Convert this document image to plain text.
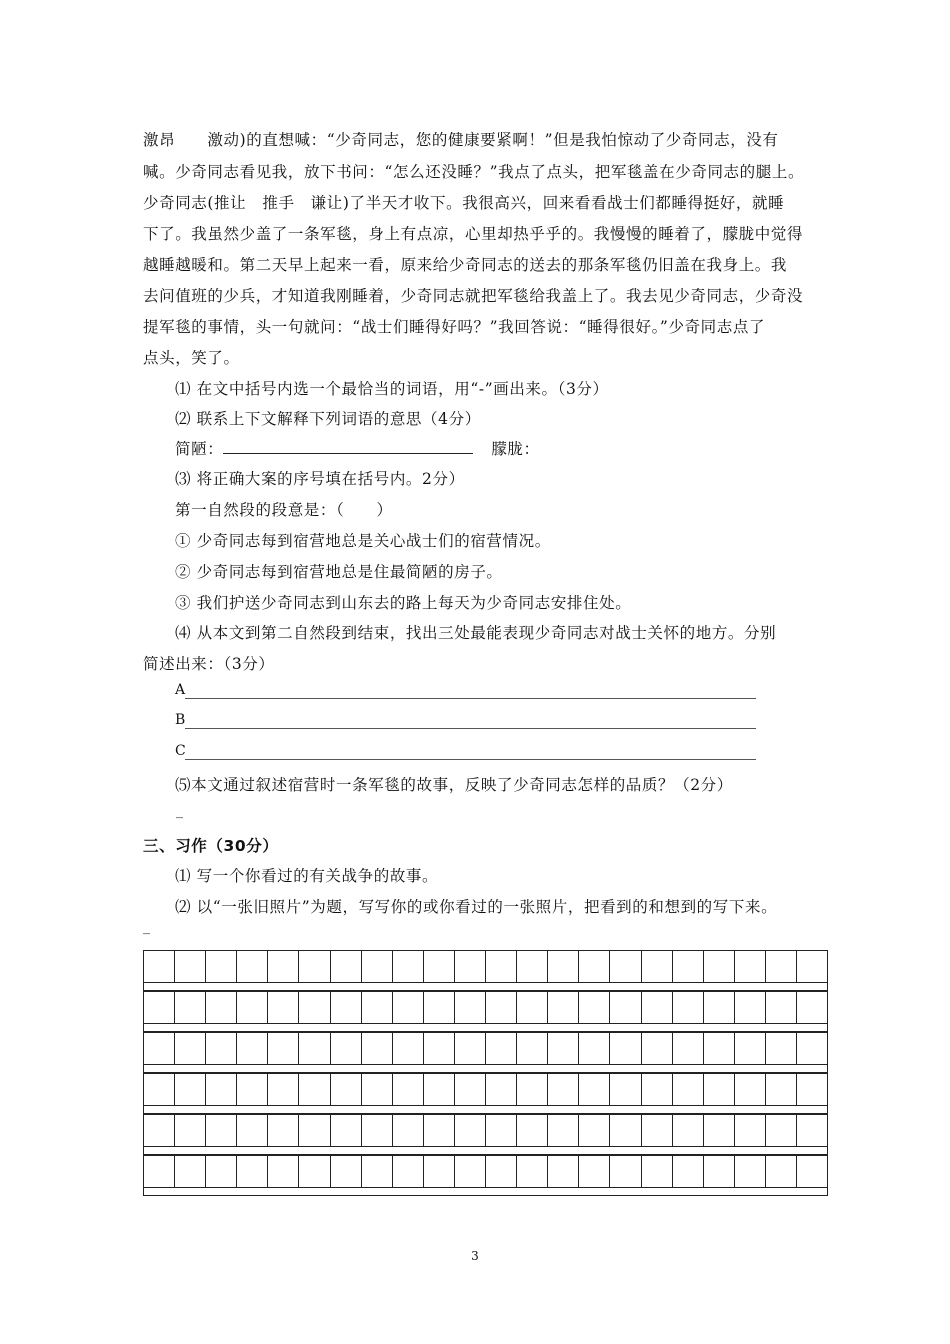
激昂　　激动)的直想喊：“少奇同志，您的健康要紧啊！”但是我怕惊动了少奇同志，没有
喊。少奇同志看见我，放下书问：“怎么还没睡？”我点了点头，把军毯盖在少奇同志的腿上。
少奇同志(推让　推手　谦让)了半天才收下。我很高兴，回来看看战士们都睡得挺好，就睡
下了。我虽然少盖了一条军毯，身上有点凉，心里却热乎乎的。我慢慢的睡着了，朦胧中觉得
越睡越暖和。第二天早上起来一看，原来给少奇同志的送去的那条军毯仍旧盖在我身上。我
去问值班的少兵，才知道我刚睡着，少奇同志就把军毯给我盖上了。我去见少奇同志，少奇没
提军毯的事情，头一句就问：“战士们睡得好吗？”我回答说：“睡得很好。”少奇同志点了
点头，笑了。
⑴ 在文中括号内选一个最恰当的词语，用“-”画出来。（3分）
⑵ 联系上下文解释下列词语的意思（4分）
简陋：	朦胧：
⑶ 将正确大案的序号填在括号内。2分）
第一自然段的段意是：（　　）
① 少奇同志每到宿营地总是关心战士们的宿营情况。
② 少奇同志每到宿营地总是住最简陋的房子。
③ 我们护送少奇同志到山东去的路上每天为少奇同志安排住处。
⑷ 从本文到第二自然段到结束，找出三处最能表现少奇同志对战士关怀的地方。分别
简述出来：（3分）
A
B
C
⑸本文通过叙述宿营时一条军毯的故事，反映了少奇同志怎样的品质？（2分）
_
三、习作（30分）
⑴ 写一个你看过的有关战争的故事。
⑵ 以“一张旧照片”为题，写写你的或你看过的一张照片，把看到的和想到的写下来。
_
3
